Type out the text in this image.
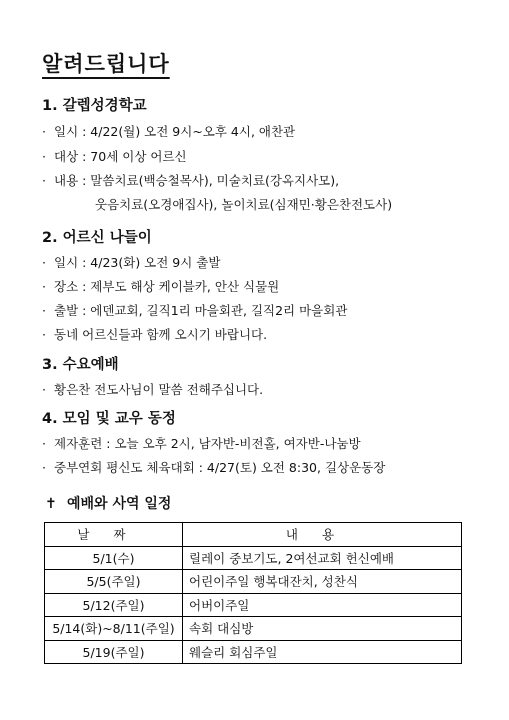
알려드립니다
1. 갈렙성경학교

· 일시 : 4/22(월) 오전 9시~오후 4시, 애찬관

· 대상 : 70세 이상 어르신

· 내용 : 말씀치료(백승철목사), 미술치료(강옥지사모),

웃음치료(오경애집사), 놀이치료(심재민·황은찬전도사)

2. 어르신 나들이

· 일시 : 4/23(화) 오전 9시 출발

· 장소 : 제부도 해상 케이블카, 안산 식물원

· 출발 : 에덴교회, 길직1리 마을회관, 길직2리 마을회관

· 동네 어르신들과 함께 오시기 바랍니다.

3. 수요예배

· 황은찬 전도사님이 말씀 전해주십니다.

4. 모임 및 교우 동정

· 제자훈련 : 오늘 오후 2시, 남자반-비전홀, 여자반-나눔방

· 중부연회 평신도 체육대회 : 4/27(토) 오전 8:30, 길상운동장

✝ 예배와 사역 일정
날짜	내용
5/1(수)	릴레이 중보기도, 2여선교회 헌신예배
5/5(주일)	어린이주일 행복대잔치, 성찬식
5/12(주일)	어버이주일
5/14(화)~8/11(주일)	속회 대심방
5/19(주일)	웨슬리 회심주일
